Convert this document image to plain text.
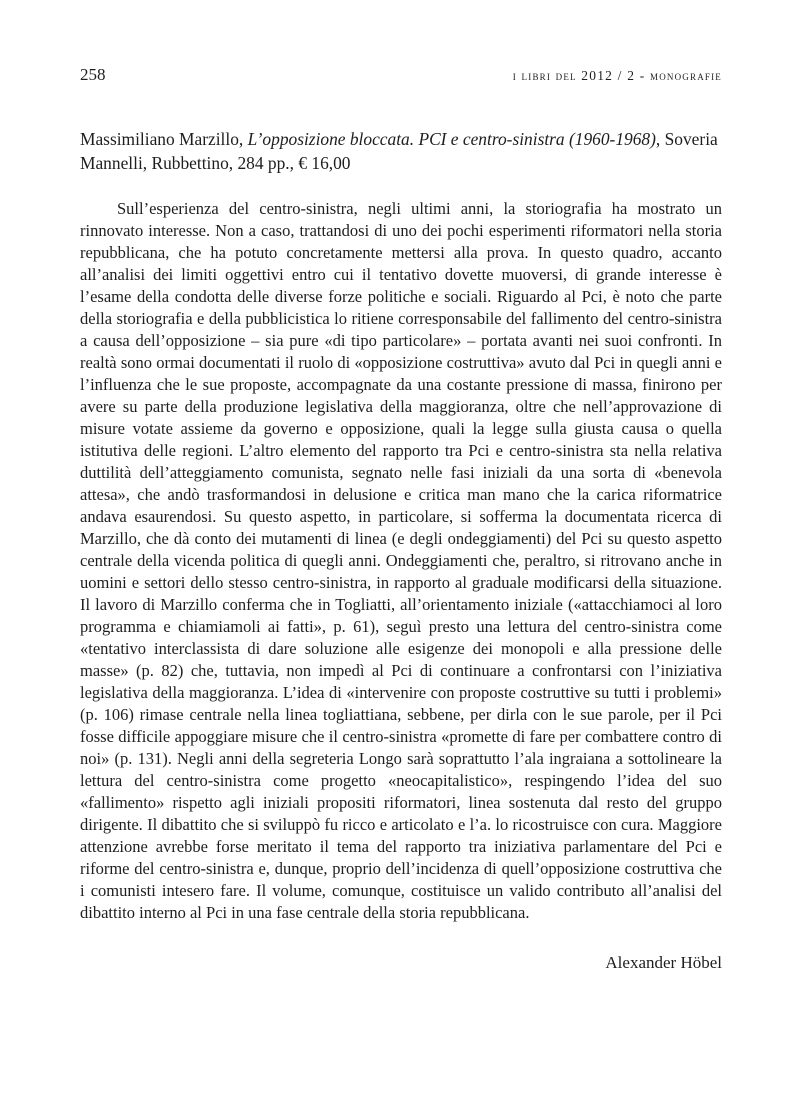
258	i libri del 2012 / 2 - monografie

Massimiliano Marzillo, L’opposizione bloccata. PCI e centro-sinistra (1960-1968), Soveria Mannelli, Rubbettino, 284 pp., € 16,00

Sull’esperienza del centro-sinistra, negli ultimi anni, la storiografia ha mostrato un rinnovato interesse. Non a caso, trattandosi di uno dei pochi esperimenti riformatori nella storia repubblicana, che ha potuto concretamente mettersi alla prova. In questo quadro, accanto all’analisi dei limiti oggettivi entro cui il tentativo dovette muoversi, di grande interesse è l’esame della condotta delle diverse forze politiche e sociali. Riguardo al Pci, è noto che parte della storiografia e della pubblicistica lo ritiene corresponsabile del fallimento del centro-sinistra a causa dell’opposizione – sia pure «di tipo particolare» – portata avanti nei suoi confronti. In realtà sono ormai documentati il ruolo di «opposizione costruttiva» avuto dal Pci in quegli anni e l’influenza che le sue proposte, accompagnate da una costante pressione di massa, finirono per avere su parte della produzione legislativa della maggioranza, oltre che nell’approvazione di misure votate assieme da governo e opposizione, quali la legge sulla giusta causa o quella istitutiva delle regioni. L’altro elemento del rapporto tra Pci e centro-sinistra sta nella relativa duttilità dell’atteggiamento comunista, segnato nelle fasi iniziali da una sorta di «benevola attesa», che andò trasformandosi in delusione e critica man mano che la carica riformatrice andava esaurendosi. Su questo aspetto, in particolare, si sofferma la documentata ricerca di Marzillo, che dà conto dei mutamenti di linea (e degli ondeggiamenti) del Pci su questo aspetto centrale della vicenda politica di quegli anni. Ondeggiamenti che, peraltro, si ritrovano anche in uomini e settori dello stesso centro-sinistra, in rapporto al graduale modificarsi della situazione. Il lavoro di Marzillo conferma che in Togliatti, all’orientamento iniziale («attacchiamoci al loro programma e chiamiamoli ai fatti», p. 61), seguì presto una lettura del centro-sinistra come «tentativo interclassista di dare soluzione alle esigenze dei monopoli e alla pressione delle masse» (p. 82) che, tuttavia, non impedì al Pci di continuare a confrontarsi con l’iniziativa legislativa della maggioranza. L’idea di «intervenire con proposte costruttive su tutti i problemi» (p. 106) rimase centrale nella linea togliattiana, sebbene, per dirla con le sue parole, per il Pci fosse difficile appoggiare misure che il centro-sinistra «promette di fare per combattere contro di noi» (p. 131). Negli anni della segreteria Longo sarà soprattutto l’ala ingraiana a sottolineare la lettura del centro-sinistra come progetto «neocapitalistico», respingendo l’idea del suo «fallimento» rispetto agli iniziali propositi riformatori, linea sostenuta dal resto del gruppo dirigente. Il dibattito che si sviluppò fu ricco e articolato e l’a. lo ricostruisce con cura. Maggiore attenzione avrebbe forse meritato il tema del rapporto tra iniziativa parlamentare del Pci e riforme del centro-sinistra e, dunque, proprio dell’incidenza di quell’opposizione costruttiva che i comunisti intesero fare. Il volume, comunque, costituisce un valido contributo all’analisi del dibattito interno al Pci in una fase centrale della storia repubblicana.

Alexander Höbel
